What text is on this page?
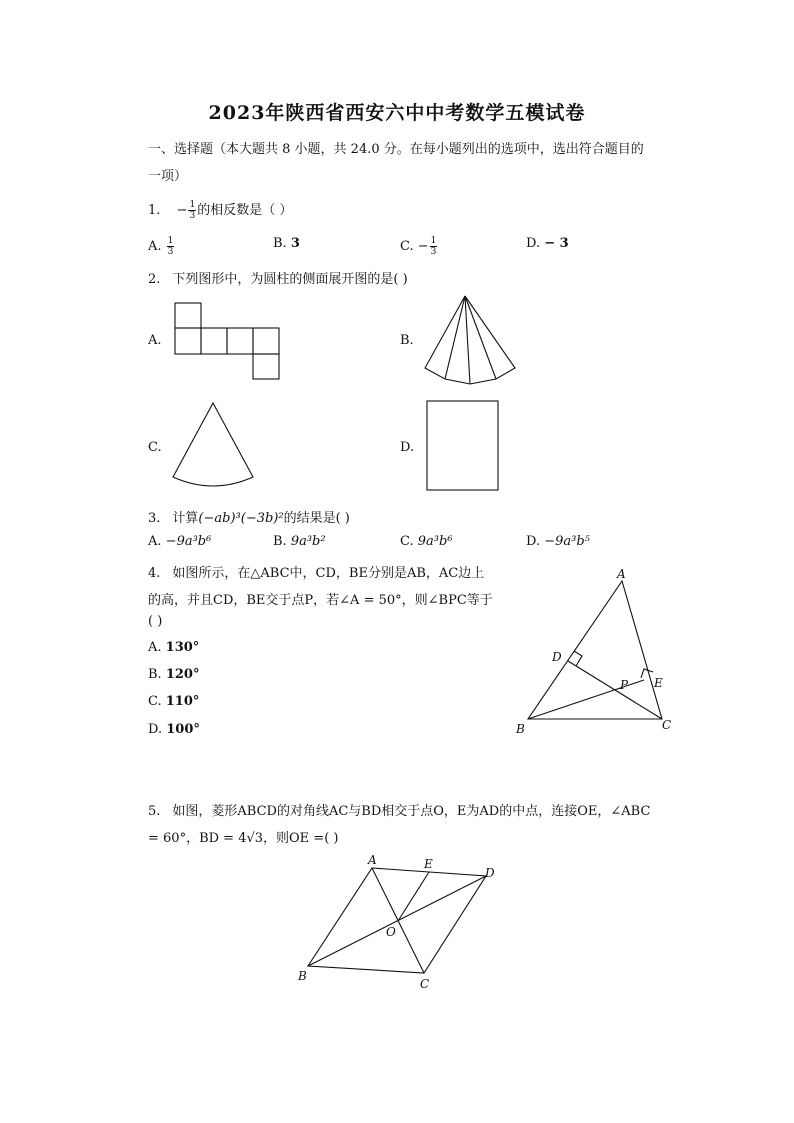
2023年陕西省西安六中中考数学五模试卷
一、选择题（本大题共 8 小题，共 24.0 分。在每小题列出的选项中，选出符合题目的
一项）
1. − $\frac{1}{3}$ 的相反数是（ ）
A. $\frac{1}{3}$	B. 3	C. − $\frac{1}{3}$	D. − 3
2. 下列图形中，为圆柱的侧面展开图的是( )
A.	B.
C.	D.
3. 计算(−ab)³(−3b)²的结果是( )
A. −9a³b⁶	B. 9a³b²	C. 9a³b⁶	D. −9a³b⁵
4. 如图所示，在△ABC中，CD，BE分别是AB，AC边上
的高，并且CD，BE交于点P，若∠A = 50°，则∠BPC等于
( )
A. 130°
B. 120°
C. 110°
D. 100°
A
B	C
D
E
P
5. 如图，菱形ABCD的对角线AC与BD相交于点O，E为AD的中点，连接OE，∠ABC
= 60°，BD = 4√3，则OE =( )
A
B
C
D
E
O
